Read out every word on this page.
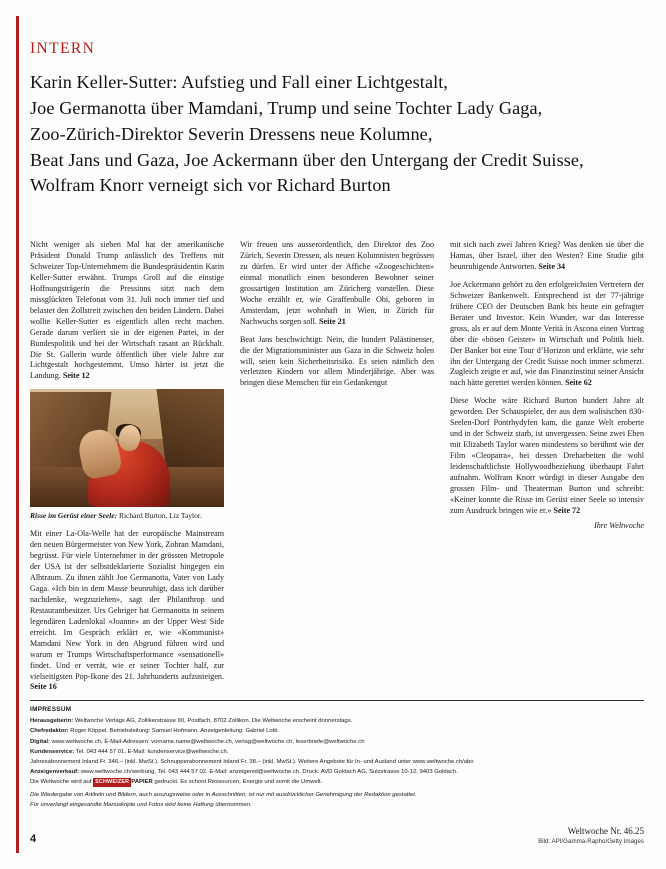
INTERN
Karin Keller-Sutter: Aufstieg und Fall einer Lichtgestalt,
Joe Germanotta über Mamdani, Trump und seine Tochter Lady Gaga,
Zoo-Zürich-Direktor Severin Dressens neue Kolumne,
Beat Jans und Gaza, Joe Ackermann über den Untergang der Credit Suisse,
Wolfram Knorr verneigt sich vor Richard Burton

Nicht weniger als sieben Mal hat der amerikanische Präsident Donald Trump anlässlich des Treffens mit Schweizer Top-Unternehmern die Bundespräsidentin Karin Keller-Sutter erwähnt. Trumps Groll auf die einstige Hoffnungsträgerin die Pressinns sitzt nach dem missglückten Telefonat vom 31. Juli noch immer tief und belastet den Zollstreit zwischen den beiden Ländern. Dabei wollte Keller-Sutter es eigentlich allen recht machen. Gerade darum verliert sie in der eigenen Partei, in der Bundespolitik und bei der Wirtschaft rasant an Rückhalt. Die St. Gallerin wurde öffentlich über viele Jahre zur Lichtgestalt hochgestemmt. Umso härter ist jetzt die Landung. Seite 12

Risse im Gerüst einer Seele: Richard Burton, Liz Taylor.

Mit einer La-Ola-Welle hat der europäische Mainstream den neuen Bürgermeister von New York, Zohran Mamdani, begrüsst. Für viele Unternehmer in der grössten Metropole der USA ist der selbstdeklarierte Sozialist hingegen ein Albtraum. Zu ihnen zählt Joe Germanotta, Vater von Lady Gaga. «Ich bin in dem Masse beunruhigt, dass ich darüber nachdenke, wegzuziehen», sagt der Philanthrop und Restaurantbesitzer. Urs Gehriger hat Germanotta in seinem legendären Ladenlokal «Joanne» an der Upper West Side erreicht. Im Gespräch erklärt er, wie «Kommunist» Mamdani New York in den Abgrund führen wird und warum er Trumps Wirtschaftsperformance «sensationell» findet. Und er verrät, wie er seiner Tochter half, zur vielseitigsten Pop-Ikone des 21. Jahrhunderts aufzusteigen. Seite 16

Wir freuen uns ausserordentlich, den Direktor des Zoo Zürich, Severin Dressen, als neuen Kolumnisten begrüssen zu dürfen. Er wird unter der Affiche «Zoogeschichten» einmal monatlich einen besonderen Bewohner seiner grossartigen Institution am Züricherg vorstellen. Diese Woche erzählt er, wie Giraffenbulle Obi, geboren in Amsterdam, jetzt wohnhaft in Wien, in Zürich für Nachwuchs sorgen soll. Seite 21

Beat Jans beschwichtigt: Nein, die hundert Palästinenser, die der Migrationsminister aus Gaza in die Schweiz holen will, seien kein Sicherheitsrisiko. Es seien nämlich den verletzten Kindern vor allem Minderjährige. Aber was bringen diese Menschen für ein Gedankengut

mit sich nach zwei Jahren Krieg? Was denken sie über die Hamas, über Israel, über den Westen? Eine Studie gibt beunruhigende Antworten. Seite 34

Joe Ackermann gehört zu den erfolgreichsten Vertretern der Schweizer Bankenwelt. Entsprechend ist der 77-jährige frühere CEO der Deutschen Bank bis heute ein gefragter Berater und Investor. Kein Wunder, war das Interesse gross, als er auf dem Monte Verità in Ascona einen Vortrag über die «bösen Geister» in Wirtschaft und Politik hielt. Der Banker bot eine Tour d’Horizon und erklärte, wie sehr ihn der Untergang der Credit Suisse noch immer schmerzt. Zugleich zeigte er auf, wie das Finanzinstitut seiner Ansicht nach hätte gerettet werden können. Seite 62

Diese Woche wäre Richard Burton hundert Jahre alt geworden. Der Schauspieler, der aus dem walisischen 830-Seelen-Dorf Pontrhydyfen kam, die ganze Welt eroberte und in der Schweiz starb, ist unvergessen. Seine zwei Ehen mit Elizabeth Taylor waren mindestens so berühmt wie der Film «Cleopatra», bei dessen Dreharbeiten die wohl leidenschaftlichste Hollywoodbeziehung überhaupt Fahrt aufnahm. Wolfram Knorr würdigt in dieser Ausgabe den grossen Film- und Theaterman Burton und schreibt: «Keiner konnte die Risse im Gerüst einer Seele so intensiv zum Ausdruck bringen wie er.» Seite 72

Ihre Weltwoche

IMPRESSUM

Herausgeberin: Weltwoche Verlags AG, Zollikerstrasse 90, Postfach, 8702 Zollikon. Die Weltwoche erscheint donnerstags.

Chefredaktor: Roger Köppel. Betriebsleitung: Samuel Hofmann. Anzeigenleitung: Gabriel Lotti.

Digital: www.weltwoche.ch, E-Mail-Adressen: vorname.name@weltwoche.ch, verlag@weltwoche.ch, leserbriefe@weltwoche.ch

Kundenservice: Tel. 043 444 57 01, E-Mail: kundenservice@weltwoche.ch.

Jahresabonnement Inland Fr. 346.– (inkl. MwSt.). Schnupperabonnement Inland Fr. 38.– (inkl. MwSt.). Weitere Angebote für In- und Ausland unter www.weltwoche.ch/abo

Anzeigenverkauf: www.weltwoche.ch/werbung, Tel. 043 444 57 02. E-Mail: anzeigenid@weltwoche.ch. Druck: AVD Goldach AG, Sulzstrasse 10-12, 9403 Goldach.

Die Weltwoche wird auf SCHWEIZER PAPIER gedruckt. Es schont Ressourcen, Energie und somit die Umwelt.

Die Wiedergabe von Artikeln und Bildern, auch auszugsweise oder in Ausschnitten, ist nur mit ausdrücklicher Genehmigung der Redaktion gestattet.

Für unverlangt eingesandte Manuskripte und Fotos wird keine Haftung übernommen.

4
Weltwoche Nr. 46.25
Bild: API/Gamma-Rapho/Getty Images
